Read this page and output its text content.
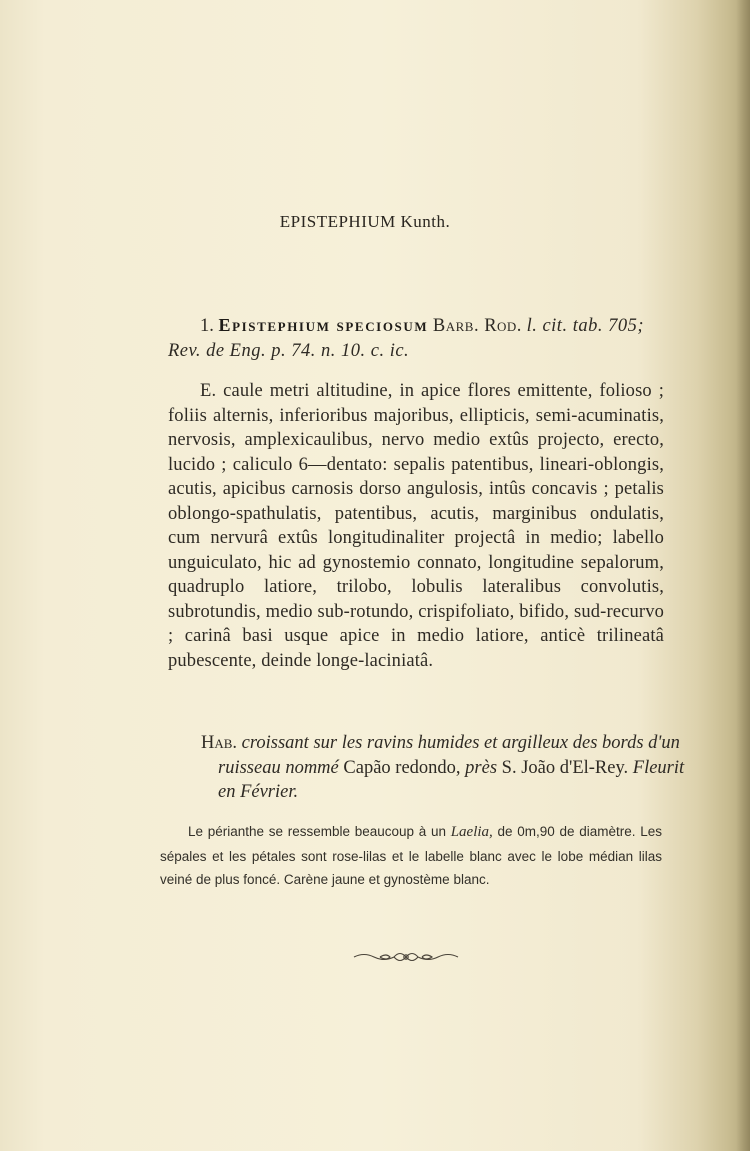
EPISTEPHIUM Kunth.

1. Epistephium speciosum Barb. Rod. l. cit. tab. 705; Rev. de Eng. p. 74. n. 10. c. ic.

E. caule metri altitudine, in apice flores emittente, folioso ; foliis alternis, inferioribus majoribus, ellipticis, semi-acuminatis, nervosis, amplexicaulibus, nervo medio extûs projecto, erecto, lucido ; caliculo 6—dentato: sepalis patentibus, lineari-oblongis, acutis, apicibus carnosis dorso angulosis, intûs concavis ; petalis oblongo-spathulatis, patentibus, acutis, marginibus ondulatis, cum nervurâ extûs longitudinaliter projectâ in medio; labello unguiculato, hic ad gynostemio connato, longitudine sepalorum, quadruplo latiore, trilobo, lobulis lateralibus convolutis, subrotundis, medio sub-rotundo, crispifoliato, bifido, sud-recurvo ; carinâ basi usque apice in medio latiore, anticè trilineatâ pubescente, deinde longe-laciniatâ.

Hab. croissant sur les ravins humides et argilleux des bords d'un ruisseau nommé Capão redondo, près S. João d'El-Rey. Fleurit en Février.

Le périanthe se ressemble beaucoup à un Laelia, de 0m,90 de diamètre. Les sépales et les pétales sont rose-lilas et le labelle blanc avec le lobe médian lilas veiné de plus foncé. Carène jaune et gynostème blanc.
